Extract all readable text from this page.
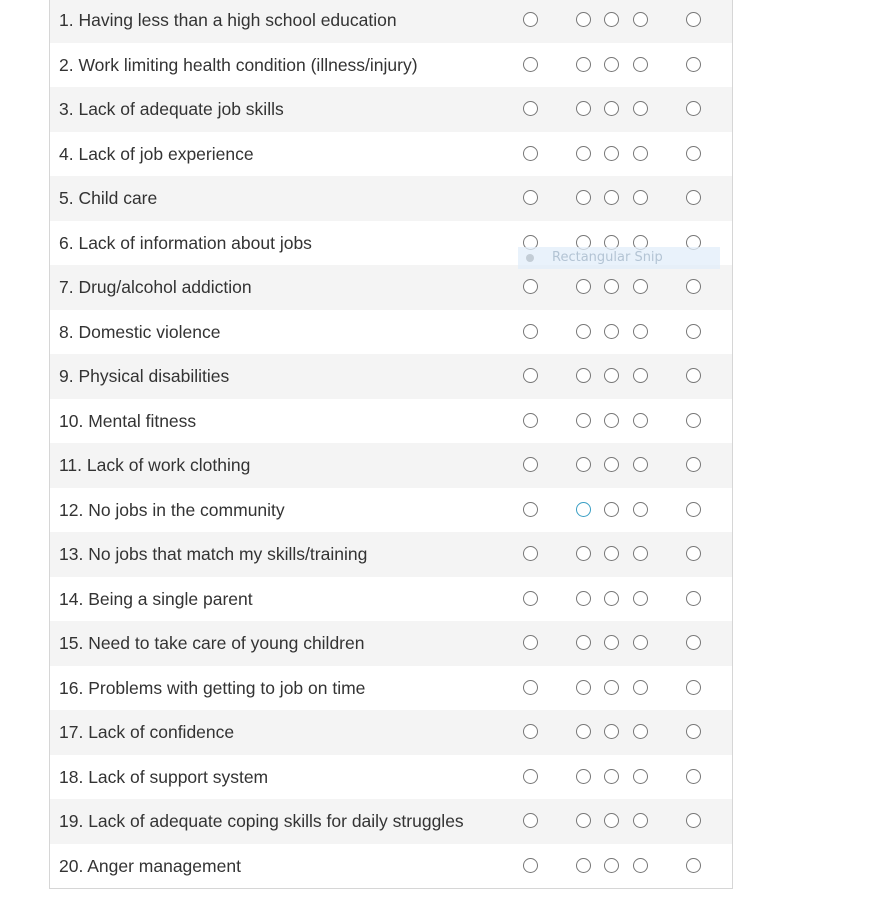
1. Having less than a high school education
2. Work limiting health condition (illness/injury)
3. Lack of adequate job skills
4. Lack of job experience
5. Child care
6. Lack of information about jobs
7. Drug/alcohol addiction
8. Domestic violence
9. Physical disabilities
10. Mental fitness
11. Lack of work clothing
12. No jobs in the community
13. No jobs that match my skills/training
14. Being a single parent
15. Need to take care of young children
16. Problems with getting to job on time
17. Lack of confidence
18. Lack of support system
19. Lack of adequate coping skills for daily struggles
20. Anger management
Rectangular Snip
